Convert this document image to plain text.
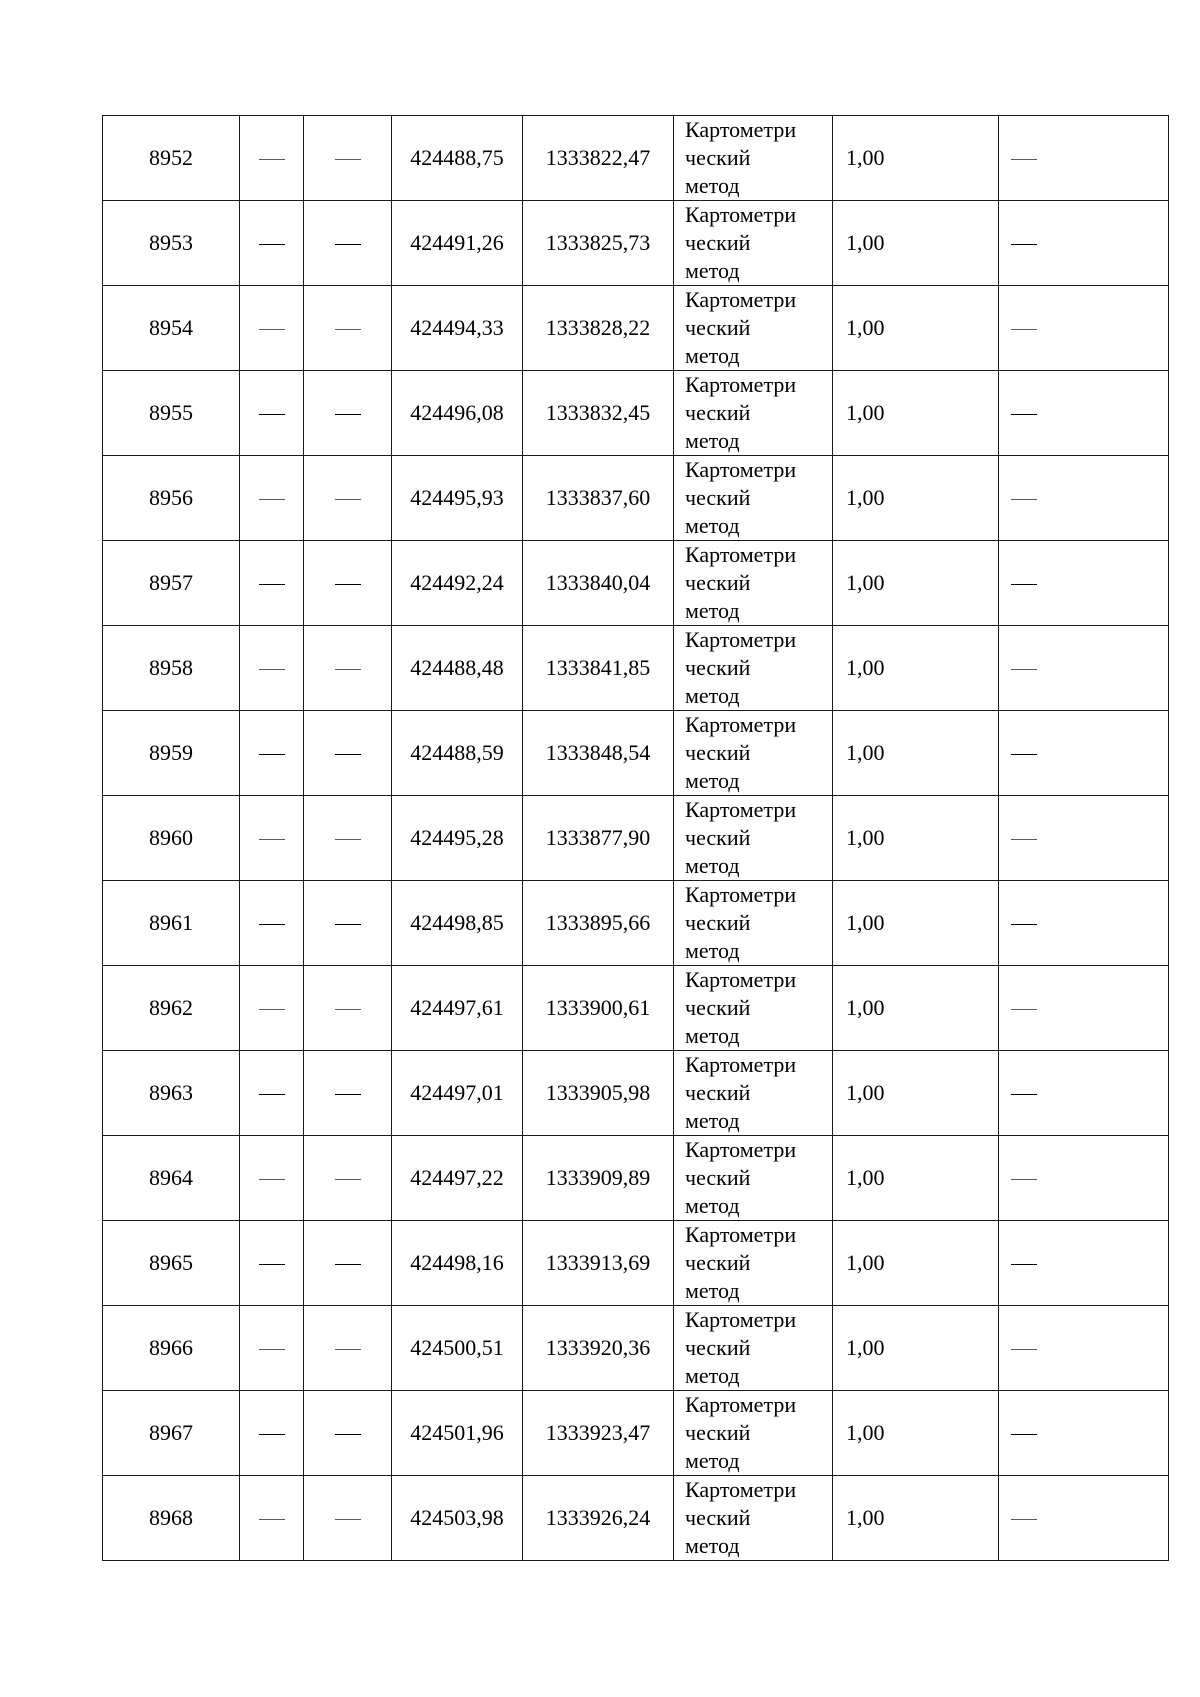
8952			424488,75	1333822,47	Картометри
ческий
метод	1,00	
8953			424491,26	1333825,73	Картометри
ческий
метод	1,00	
8954			424494,33	1333828,22	Картометри
ческий
метод	1,00	
8955			424496,08	1333832,45	Картометри
ческий
метод	1,00	
8956			424495,93	1333837,60	Картометри
ческий
метод	1,00	
8957			424492,24	1333840,04	Картометри
ческий
метод	1,00	
8958			424488,48	1333841,85	Картометри
ческий
метод	1,00	
8959			424488,59	1333848,54	Картометри
ческий
метод	1,00	
8960			424495,28	1333877,90	Картометри
ческий
метод	1,00	
8961			424498,85	1333895,66	Картометри
ческий
метод	1,00	
8962			424497,61	1333900,61	Картометри
ческий
метод	1,00	
8963			424497,01	1333905,98	Картометри
ческий
метод	1,00	
8964			424497,22	1333909,89	Картометри
ческий
метод	1,00	
8965			424498,16	1333913,69	Картометри
ческий
метод	1,00	
8966			424500,51	1333920,36	Картометри
ческий
метод	1,00	
8967			424501,96	1333923,47	Картометри
ческий
метод	1,00	
8968			424503,98	1333926,24	Картометри
ческий
метод	1,00	
